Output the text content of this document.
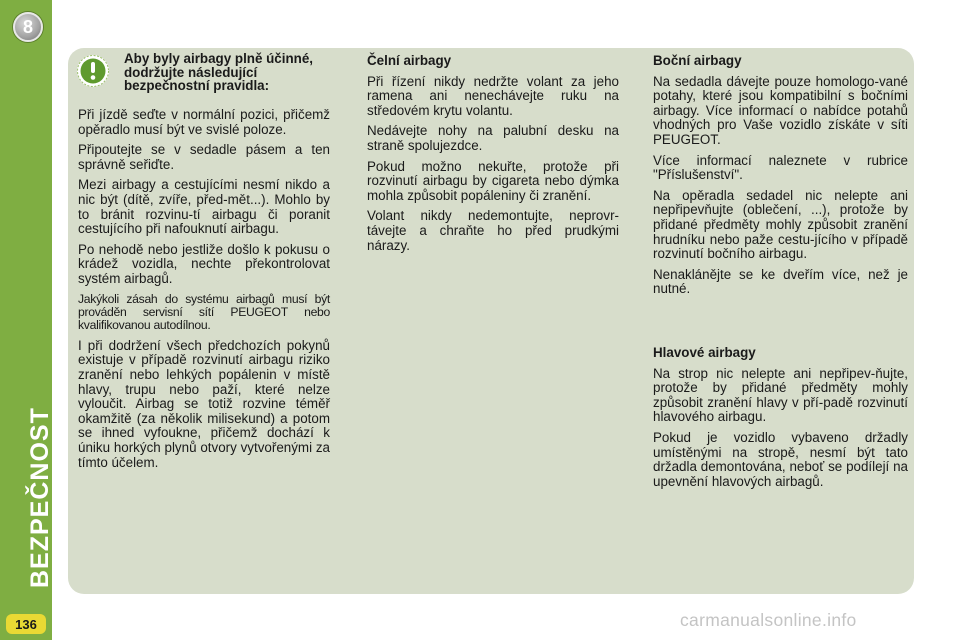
8
BEZPEČNOST
136
Aby byly airbagy plně účinné, dodržujte následující bezpečnostní pravidla:

Při jízdě seďte v normální pozici, přičemž opěradlo musí být ve svislé poloze.

Připoutejte se v sedadle pásem a ten správně seřiďte.

Mezi airbagy a cestujícími nesmí nikdo a nic být (dítě, zvíře, před-mět...). Mohlo by to bránit rozvinu-tí airbagu či poranit cestujícího při nafouknutí airbagu.

Po nehodě nebo jestliže došlo k pokusu o krádež vozidla, nechte překontrolovat systém airbagů.

Jakýkoli zásah do systému airbagů musí být prováděn servisní sítí PEUGEOT nebo kvalifikovanou autodílnou.

I při dodržení všech předchozích pokynů existuje v případě rozvinutí airbagu riziko zranění nebo lehkých popálenin v místě hlavy, trupu nebo paží, které nelze vyloučit. Airbag se totiž rozvine téměř okamžitě (za několik milisekund) a potom se ihned vyfoukne, přičemž dochází k úniku horkých plynů otvory vytvořenými za tímto účelem.

Čelní airbagy

Při řízení nikdy nedržte volant za jeho ramena ani nenechávejte ruku na středovém krytu volantu.

Nedávejte nohy na palubní desku na straně spolujezdce.

Pokud možno nekuřte, protože při rozvinutí airbagu by cigareta nebo dýmka mohla způsobit popáleniny či zranění.

Volant nikdy nedemontujte, neprovr-távejte a chraňte ho před prudkými nárazy.

Boční airbagy

Na sedadla dávejte pouze homologo-vané potahy, které jsou kompatibilní s bočními airbagy. Více informací o nabídce potahů vhodných pro Vaše vozidlo získáte v síti PEUGEOT.

Více informací naleznete v rubrice "Příslušenství".

Na opěradla sedadel nic nelepte ani nepřipevňujte (oblečení, ...), protože by přidané předměty mohly způsobit zranění hrudníku nebo paže cestu-jícího v případě rozvinutí bočního airbagu.

Nenaklánějte se ke dveřím více, než je nutné.

Hlavové airbagy

Na strop nic nelepte ani nepřipev-ňujte, protože by přidané předměty mohly způsobit zranění hlavy v pří-padě rozvinutí hlavového airbagu.

Pokud je vozidlo vybaveno držadly umístěnými na stropě, nesmí být tato držadla demontována, neboť se podílejí na upevnění hlavových airbagů.

carmanualsonline.info
